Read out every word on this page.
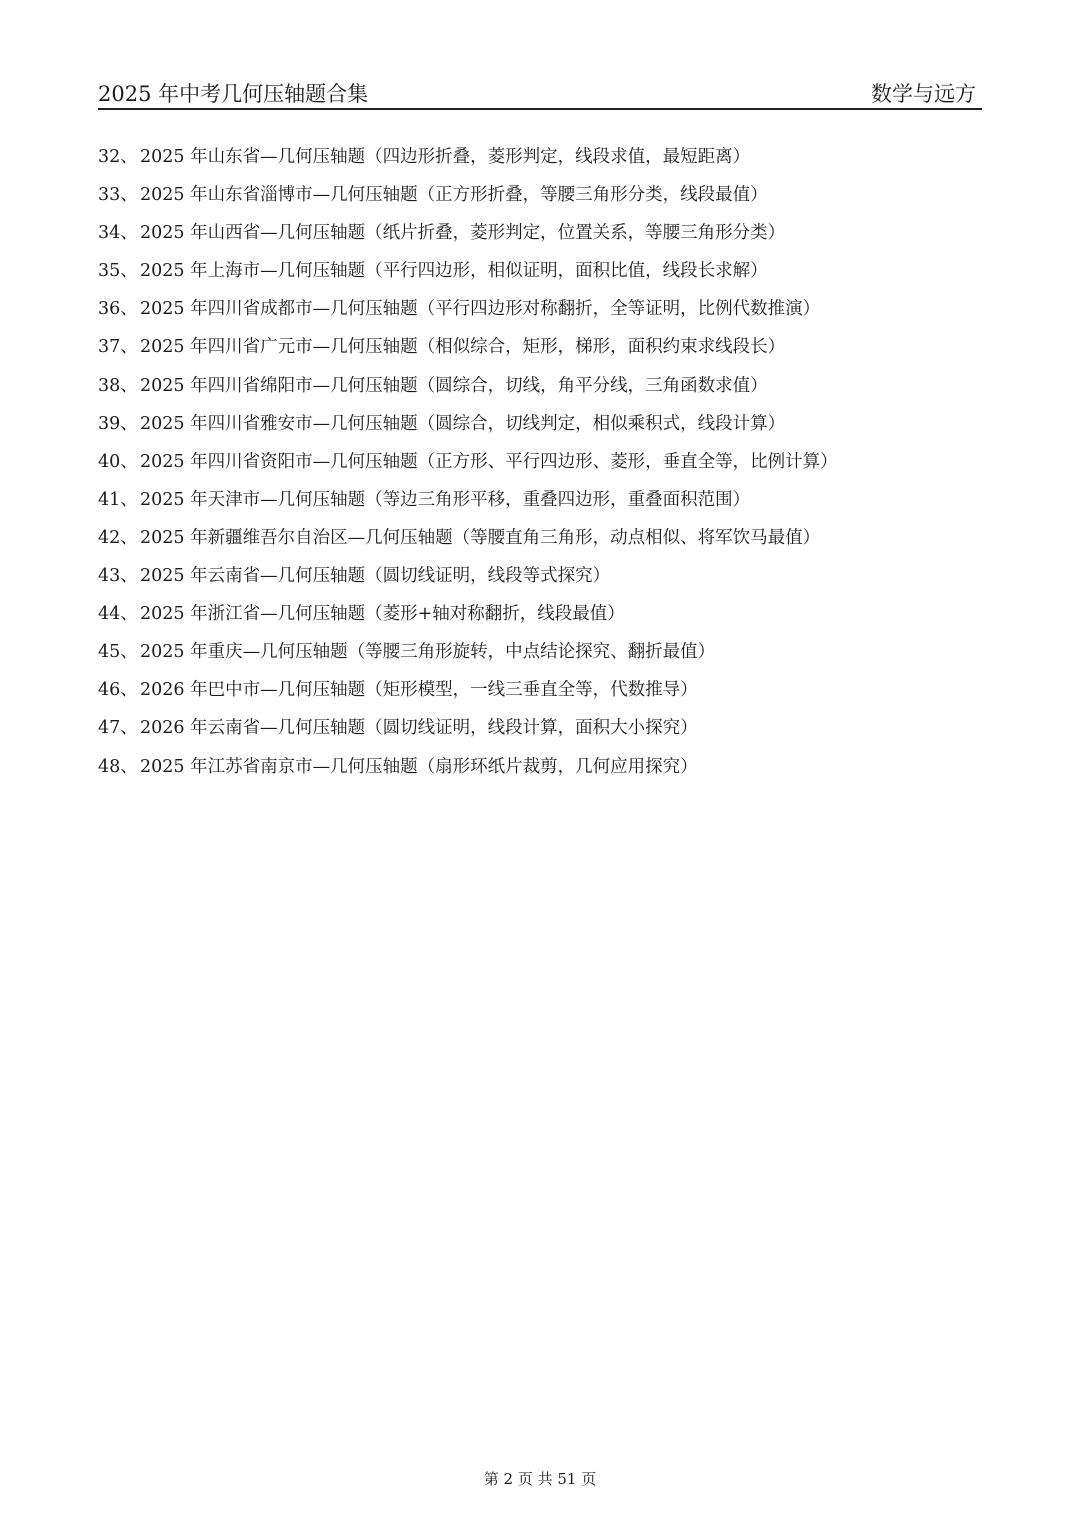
2025 年中考几何压轴题合集	数学与远方
32、 2025 年山东省—几何压轴题（四边形折叠，菱形判定，线段求值，最短距离）
33、 2025 年山东省淄博市—几何压轴题（正方形折叠，等腰三角形分类，线段最值）
34、 2025 年山西省—几何压轴题（纸片折叠，菱形判定，位置关系，等腰三角形分类）
35、 2025 年上海市—几何压轴题（平行四边形，相似证明，面积比值，线段长求解）
36、 2025 年四川省成都市—几何压轴题（平行四边形对称翻折，全等证明，比例代数推演）
37、 2025 年四川省广元市—几何压轴题（相似综合，矩形，梯形，面积约束求线段长）
38、 2025 年四川省绵阳市—几何压轴题（圆综合，切线，角平分线，三角函数求值）
39、 2025 年四川省雅安市—几何压轴题（圆综合，切线判定，相似乘积式，线段计算）
40、 2025 年四川省资阳市—几何压轴题（正方形、平行四边形、菱形，垂直全等，比例计算）
41、 2025 年天津市—几何压轴题（等边三角形平移，重叠四边形，重叠面积范围）
42、 2025 年新疆维吾尔自治区—几何压轴题（等腰直角三角形，动点相似、将军饮马最值）
43、 2025 年云南省—几何压轴题（圆切线证明，线段等式探究）
44、 2025 年浙江省—几何压轴题（菱形+轴对称翻折，线段最值）
45、 2025 年重庆—几何压轴题（等腰三角形旋转，中点结论探究、翻折最值）
46、 2026 年巴中市—几何压轴题（矩形模型，一线三垂直全等，代数推导）
47、 2026 年云南省—几何压轴题（圆切线证明，线段计算，面积大小探究）
48、 2025 年江苏省南京市—几何压轴题（扇形环纸片裁剪，几何应用探究）
第 2 页 共 51 页
